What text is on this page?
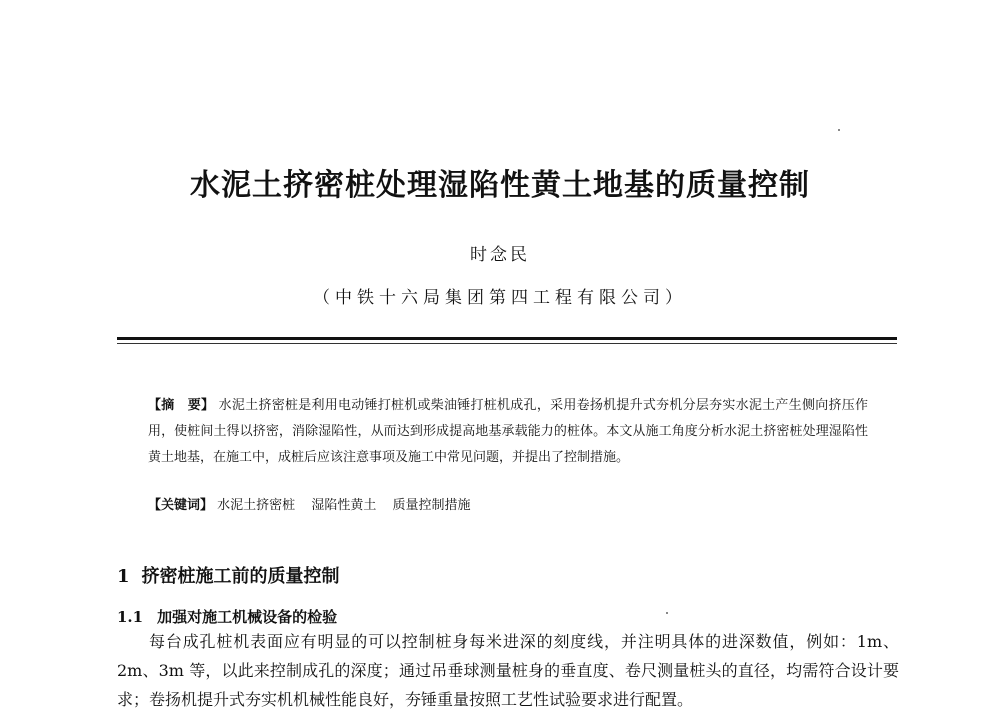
水泥土挤密桩处理湿陷性黄土地基的质量控制
时念民
（中铁十六局集团第四工程有限公司）

【摘　要】 水泥土挤密桩是利用电动锤打桩机或柴油锤打桩机成孔，采用卷扬机提升式夯机分层夯实水泥土产生侧向挤压作用，使桩间土得以挤密，消除湿陷性，从而达到形成提高地基承载能力的桩体。本文从施工角度分析水泥土挤密桩处理湿陷性黄土地基，在施工中，成桩后应该注意事项及施工中常见问题，并提出了控制措施。

【关键词】 水泥土挤密桩 湿陷性黄土 质量控制措施

1 挤密桩施工前的质量控制
1.1 加强对施工机械设备的检验

每台成孔桩机表面应有明显的可以控制桩身每米进深的刻度线，并注明具体的进深数值，例如：1m、2m、3m 等，以此来控制成孔的深度；通过吊垂球测量桩身的垂直度、卷尺测量桩头的直径，均需符合设计要求；卷扬机提升式夯实机机械性能良好，夯锤重量按照工艺性试验要求进行配置。
